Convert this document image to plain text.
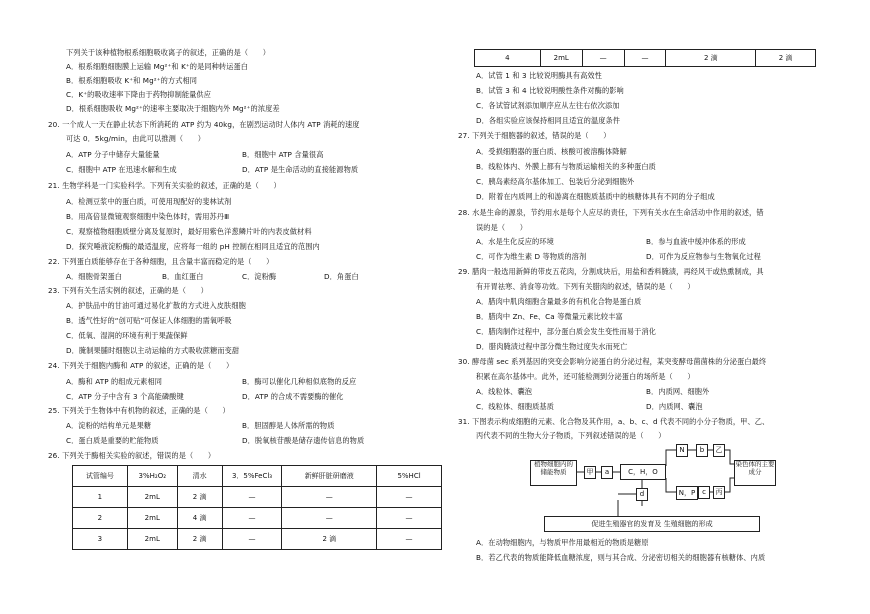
下列关于该种植物根系细胞吸收离子的叙述，正确的是（　　）
A．根系细胞细胞膜上运输 Mg²⁺和 K⁺的是同种转运蛋白
B．根系细胞吸收 K⁺和 Mg²⁺的方式相同
C．K⁺的吸收速率下降由于药物抑制能量供应
D．根系细胞吸收 Mg²⁺的速率主要取决于细胞内外 Mg²⁺的浓度差
20. 一个成人一天在静止状态下所消耗的 ATP 约为 40kg，在剧烈运动时人体内 ATP 消耗的速度
可达 0．5kg/min，由此可以推测（　　）
A．ATP 分子中储存大量能量	B．细胞中 ATP 含量很高
C．细胞中 ATP 在迅速水解和生成	D．ATP 是生命活动的直接能源物质
21. 生物学科是一门实验科学。下列有关实验的叙述，正确的是（　　）
A．检测豆浆中的蛋白质，可使用现配好的斐林试剂
B．用高倍显微镜观察细胞中染色体时，需用苏丹Ⅲ
C．观察植物细胞质壁分离及复原时，最好用紫色洋葱鳞片叶的内表皮做材料
D．探究唾液淀粉酶的最适温度，应将每一组的 pH 控制在相同且适宜的范围内
22. 下列蛋白质能够存在于各种细胞，且含量丰富而稳定的是（　　）
A．细胞骨架蛋白	B．血红蛋白	C．淀粉酶	D．角蛋白
23. 下列有关生活实例的叙述，正确的是（　　）
A．护肤品中的甘油可通过易化扩散的方式进入皮肤细胞
B．透气性好的“创可贴”可保证人体细胞的需氧呼吸
C．低氧、湿润的环境有利于果蔬保鲜
D．腌制果脯时细胞以主动运输的方式吸收蔗糖而变甜
24. 下列关于细胞内酶和 ATP 的叙述，正确的是（　　）
A．酶和 ATP 的组成元素相同	B．酶可以催化几种相似底物的反应
C．ATP 分子中含有 3 个高能磷酸键	D．ATP 的合成不需要酶的催化
25. 下列关于生物体中有机物的叙述，正确的是（　　）
A．淀粉的结构单元是果糖	B．胆固醇是人体所需的物质
C．蛋白质是重要的贮能物质	D．脱氧核苷酸是储存遗传信息的物质
26. 下列关于酶相关实验的叙述，错误的是（　　）
试管编号	3%H₂O₂	清水	3．5%FeCl₃	新鲜肝脏研磨液	5%HCl
1	2mL	2 滴	—	—	—
2	2mL	4 滴	—	—	—
3	2mL	2 滴	—	2 滴	—
4	2mL	—	—	2 滴	2 滴
A．试管 1 和 3 比较说明酶具有高效性
B．试管 3 和 4 比较说明酸性条件对酶的影响
C．各试管试剂添加顺序应从左往右依次添加
D．各组实验应该保持相同且适宜的温度条件
27. 下列关于细胞器的叙述，错误的是（　　）
A．受损细胞器的蛋白质、核酸可被溶酶体降解
B．线粒体内、外膜上都有与物质运输相关的多种蛋白质
C．胰岛素经高尔基体加工、包装后分泌到细胞外
D．附着在内质网上的和游离在细胞质基质中的核糖体具有不同的分子组成
28. 水是生命的源泉，节约用水是每个人应尽的责任，下列有关水在生命活动中作用的叙述，错
误的是（　　）
A．水是生化反应的环境	B．参与血液中缓冲体系的形成
C．可作为维生素 D 等物质的溶剂	D．可作为反应物参与生物氧化过程
29. 腊肉一般选用新鲜的带皮五花肉，分割成块后，用盐和香料腌渍，再经风干或热熏制成，具
有开胃祛寒、消食等功效。下列有关腊肉的叙述，错误的是（　　）
A．腊肉中肌肉细胞含量最多的有机化合物是蛋白质
B．腊肉中 Zn、Fe、Ca 等微量元素比较丰富
C．腊肉制作过程中，部分蛋白质会发生变性而易于消化
D．腊肉腌渍过程中部分微生物过度失水而死亡
30. 酵母菌 sec 系列基因的突变会影响分泌蛋白的分泌过程，某突变酵母菌菌株的分泌蛋白最终
积累在高尔基体中。此外，还可能检测到分泌蛋白的场所是（　　）
A．线粒体、囊泡	B．内质网、细胞外
C．线粒体、细胞质基质	D．内质网、囊泡
31. 下图表示构成细胞的元素、化合物及其作用，a、b、c、d 代表不同的小分子物质，甲、乙、
丙代表不同的生物大分子物质，下列叙述错误的是（　　）
植物细胞内的储能物质	甲	a	C，H，O
N
N，P
b	乙
c	丙
染色体的主要成分
d
促进生殖器官的发育及 生殖细胞的形成
A．在动物细胞内，与物质甲作用最相近的物质是糖原
B．若乙代表的物质能降低血糖浓度，则与其合成、分泌密切相关的细胞器有核糖体、内质
